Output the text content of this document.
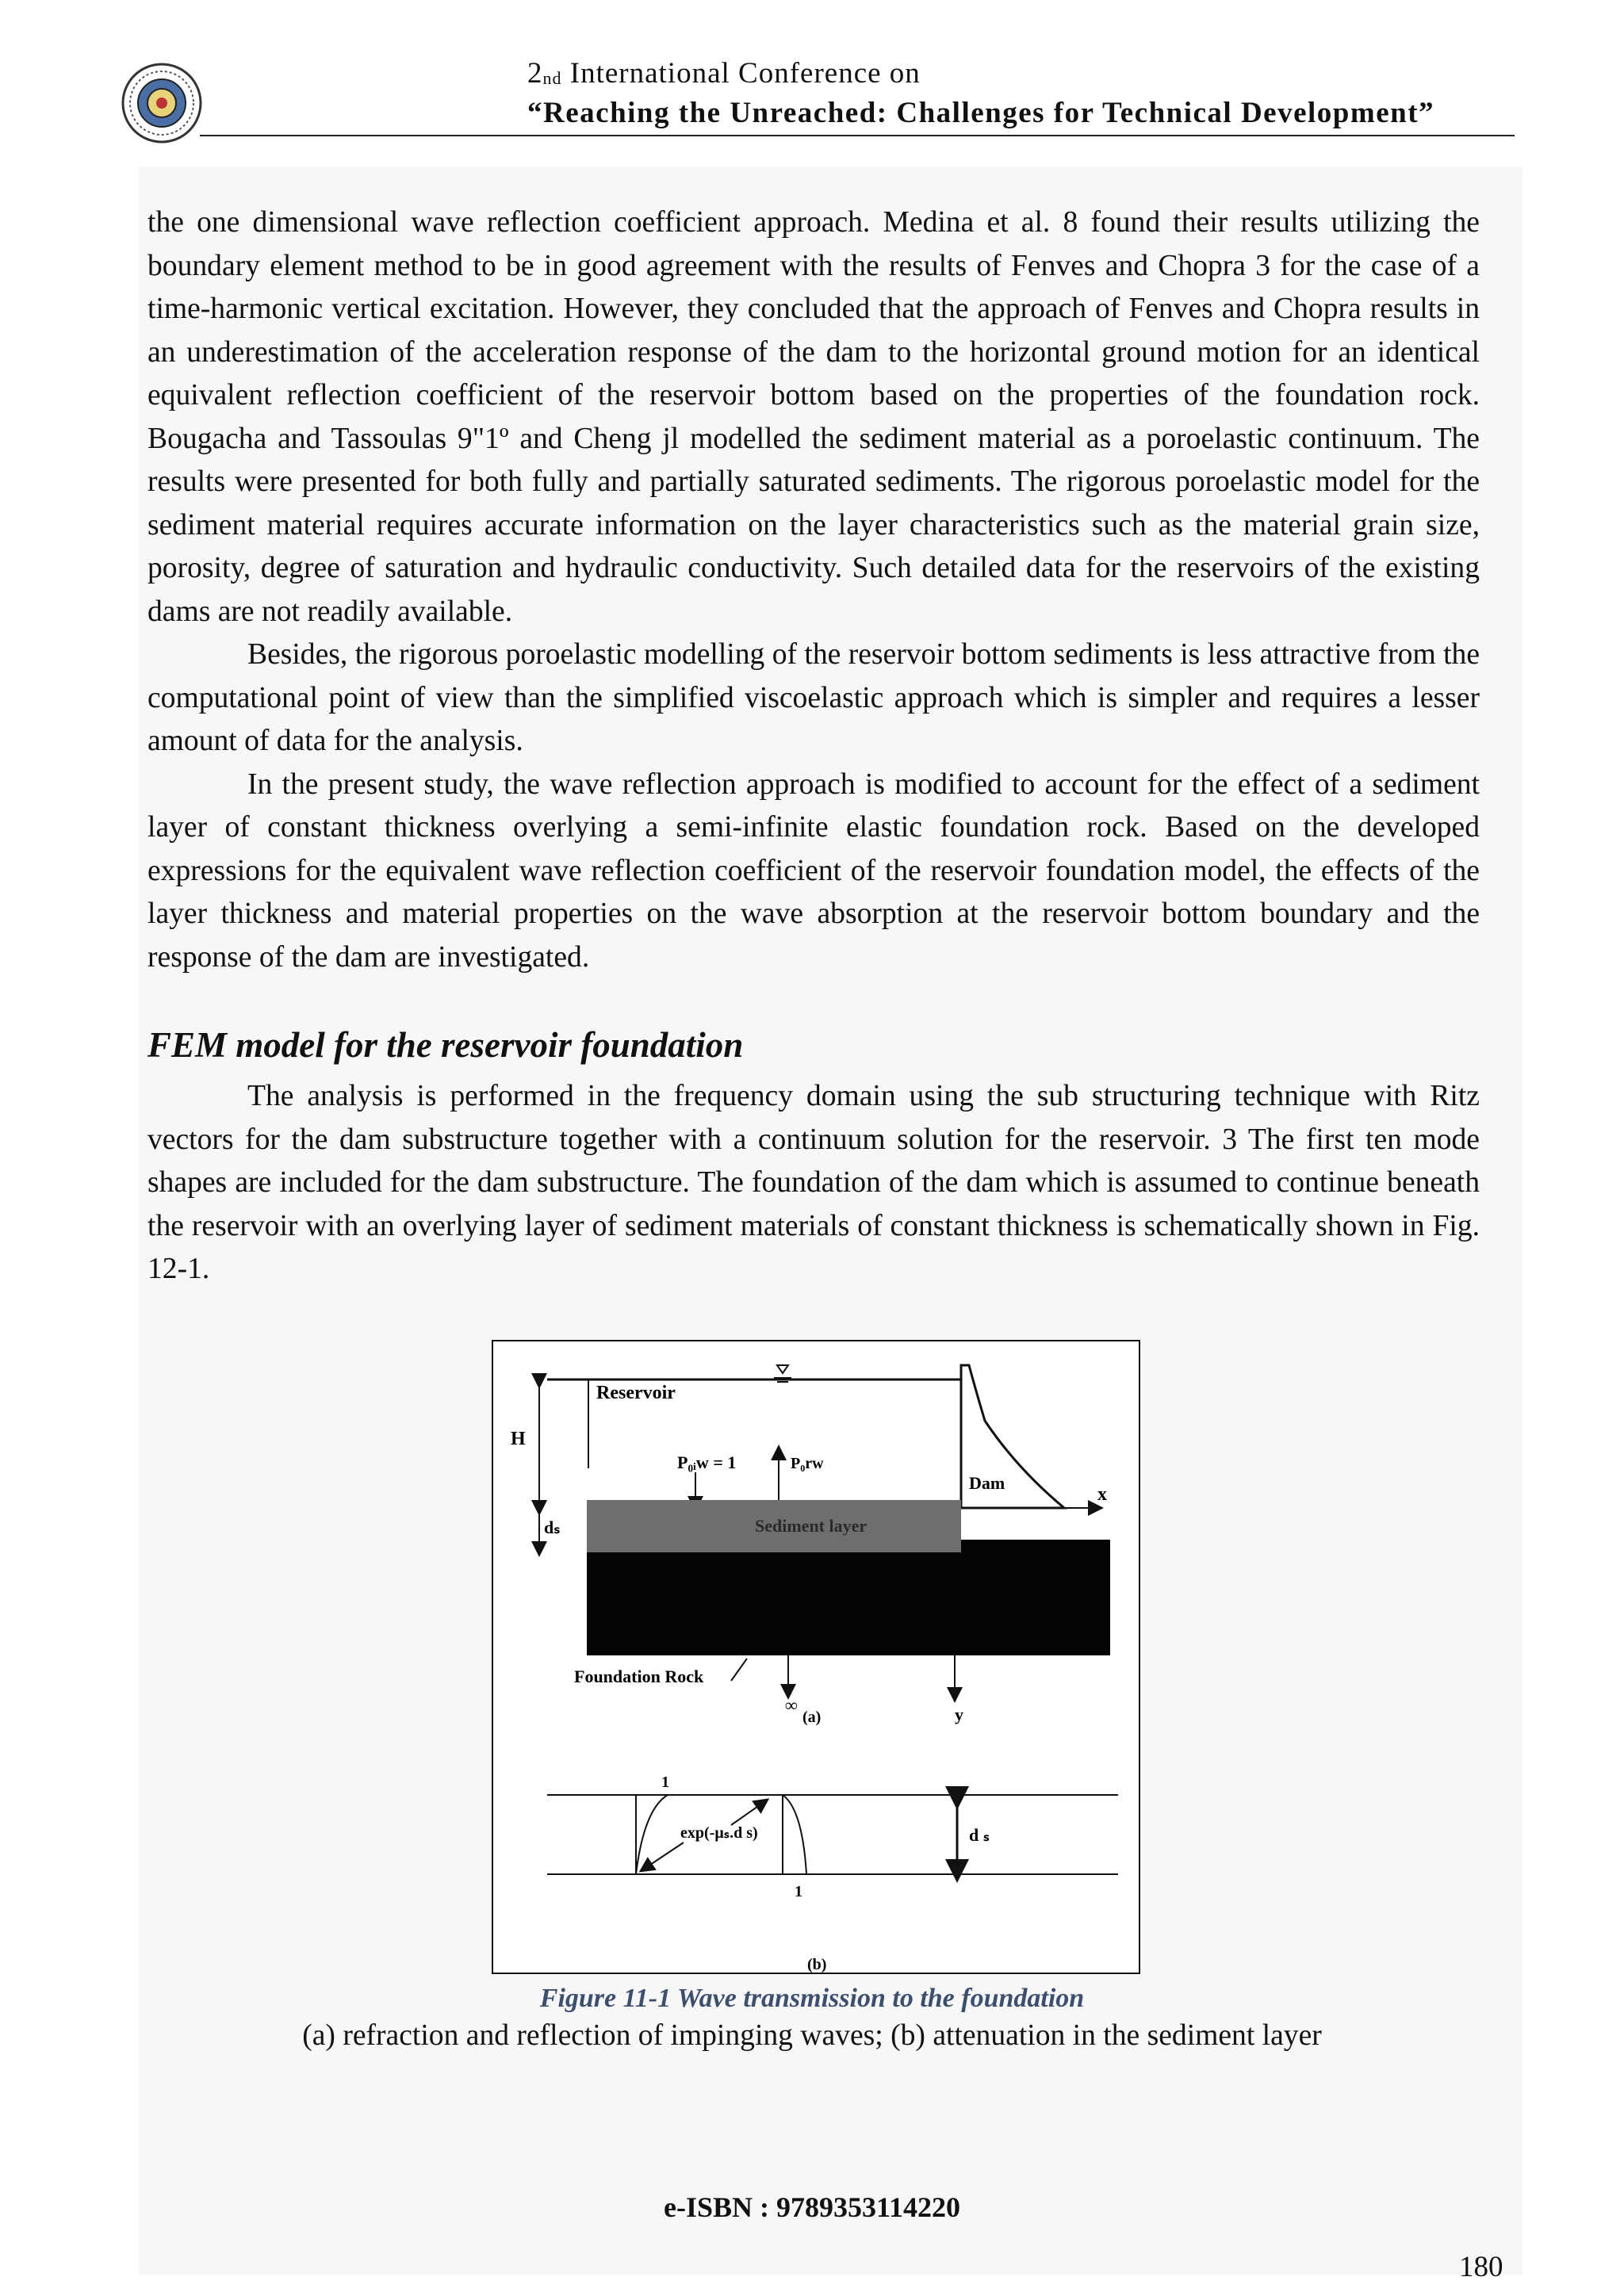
$2_{nd}$ International Conference on
“Reaching the Unreached: Challenges for Technical Development”

the one dimensional wave reflection coefficient approach. Medina et al. 8 found their results utilizing the boundary element method to be in good agreement with the results of Fenves and Chopra 3 for the case of a time-harmonic vertical excitation. However, they concluded that the approach of Fenves and Chopra results in an underestimation of the acceleration response of the dam to the horizontal ground motion for an identical equivalent reflection coefficient of the reservoir bottom based on the properties of the foundation rock. Bougacha and Tassoulas 9"1º and Cheng jl modelled the sediment material as a poroelastic continuum. The results were presented for both fully and partially saturated sediments. The rigorous poroelastic model for the sediment material requires accurate information on the layer characteristics such as the material grain size, porosity, degree of saturation and hydraulic conductivity. Such detailed data for the reservoirs of the existing dams are not readily available.

Besides, the rigorous poroelastic modelling of the reservoir bottom sediments is less attractive from the computational point of view than the simplified viscoelastic approach which is simpler and requires a lesser amount of data for the analysis.

In the present study, the wave reflection approach is modified to account for the effect of a sediment layer of constant thickness overlying a semi-infinite elastic foundation rock. Based on the developed expressions for the equivalent wave reflection coefficient of the reservoir foundation model, the effects of the layer thickness and material properties on the wave absorption at the reservoir bottom boundary and the response of the dam are investigated.

FEM model for the reservoir foundation

The analysis is performed in the frequency domain using the sub structuring technique with Ritz vectors for the dam substructure together with a continuum solution for the reservoir. 3 The first ten mode shapes are included for the dam substructure. The foundation of the dam which is assumed to continue beneath the reservoir with an overlying layer of sediment materials of constant thickness is schematically shown in Fig. 12-1.

H
Reservoir
Dam
x
P₀ᵢw = 1	P₀rw
Sediment layer
dₛ
Foundation Rock
∞
(a)	y
1
exp(-μₛ.d s)
1
d ₛ
(b)
Figure 11-1 Wave transmission to the foundation
(a) refraction and reflection of impinging waves; (b) attenuation in the sediment layer
e-ISBN : 9789353114220
180
